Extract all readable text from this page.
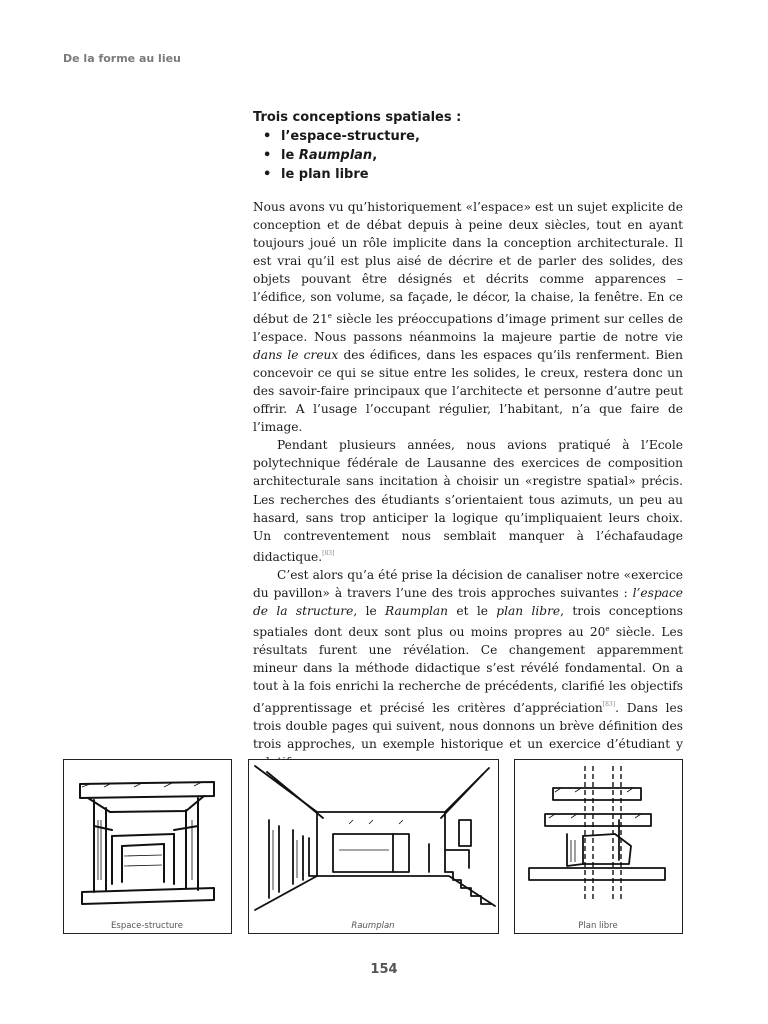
De la forme au lieu
Trois conceptions spatiales :
• l’espace-structure,
• le Raumplan,
• le plan libre

Nous avons vu qu’historiquement «l’espace» est un sujet explicite de conception et de débat depuis à peine deux siècles, tout en ayant toujours joué un rôle implicite dans la conception architecturale. Il est vrai qu’il est plus aisé de décrire et de parler des solides, des objets pouvant être désignés et décrits comme apparences – l’édifice, son volume, sa façade, le décor, la chaise, la fenêtre. En ce début de 21e siècle les préoccupations d’image priment sur celles de l’espace. Nous passons néanmoins la majeure partie de notre vie dans le creux des édifices, dans les espaces qu’ils renferment. Bien concevoir ce qui se situe entre les solides, le creux, restera donc un des savoir-faire principaux que l’architecte et personne d’autre peut offrir. A l’usage l’occupant régulier, l’habitant, n’a que faire de l’image.

Pendant plusieurs années, nous avions pratiqué à l’Ecole polytechnique fédérale de Lausanne des exercices de composition architecturale sans incitation à choisir un «registre spatial» précis. Les recherches des étudiants s’orientaient tous azimuts, un peu au hasard, sans trop anticiper la logique qu’impliquaient leurs choix. Un contreventement nous semblait manquer à l’échafaudage didactique.[83]

C’est alors qu’a été prise la décision de canaliser notre «exercice du pavillon» à travers l’une des trois approches suivantes : l’espace de la structure, le Raumplan et le plan libre, trois conceptions spatiales dont deux sont plus ou moins propres au 20e siècle. Les résultats furent une révélation. Ce changement apparemment mineur dans la méthode didactique s’est révélé fondamental. On a tout à la fois enrichi la recherche de précédents, clarifié les objectifs d’apprentissage et précisé les critères d’appréciation[83]. Dans les trois double pages qui suivent, nous donnons un brève définition des trois approches, un exemple historique et un exercice d’étudiant y

Espace-structure	Raumplan	Plan libre
154
